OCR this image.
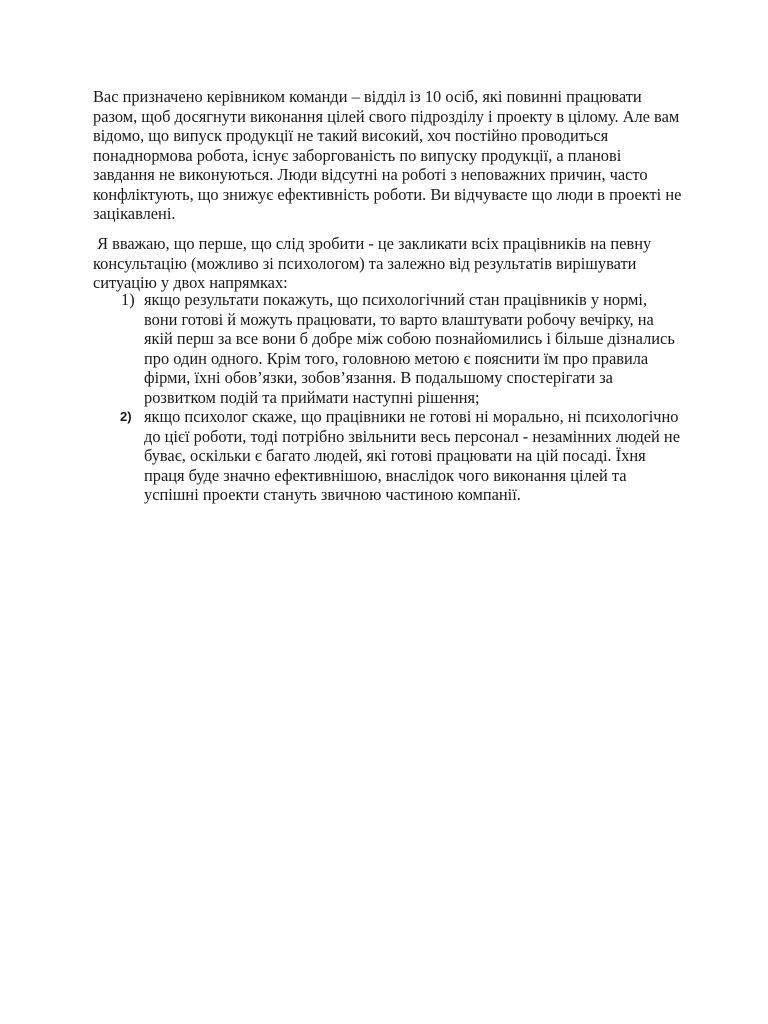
Вас призначено керівником команди – відділ із 10 осіб, які повинні працювати разом, щоб досягнути виконання цілей свого підрозділу і проекту в цілому. Але вам відомо, що випуск продукції не такий високий, хоч постійно проводиться понаднормова робота, існує заборгованість по випуску продукції, а планові завдання не виконуються. Люди відсутні на роботі з неповажних причин, часто конфліктують, що знижує ефективність роботи. Ви відчуваєте що люди в проекті не зацікавлені.

Я вважаю, що перше, що слід зробити - це закликати всіх працівників на певну консультацію (можливо зі психологом) та залежно від результатів вирішувати ситуацію у двох напрямках:

1) якщо результати покажуть, що психологічний стан працівників у нормі, вони готові й можуть працювати, то варто влаштувати робочу вечірку, на якій перш за все вони б добре між собою познайомились і більше дізнались про один одного. Крім того, головною метою є пояснити їм про правила фірми, їхні обов’язки, зобов’язання. В подальшому спостерігати за розвитком подій та приймати наступні рішення;
2) якщо психолог скаже, що працівники не готові ні морально, ні психологічно до цієї роботи, тоді потрібно звільнити весь персонал - незамінних людей не буває, оскільки є багато людей, які готові працювати на цій посаді. Їхня праця буде значно ефективнішою, внаслідок чого виконання цілей та успішні проекти стануть звичною частиною компанії.
